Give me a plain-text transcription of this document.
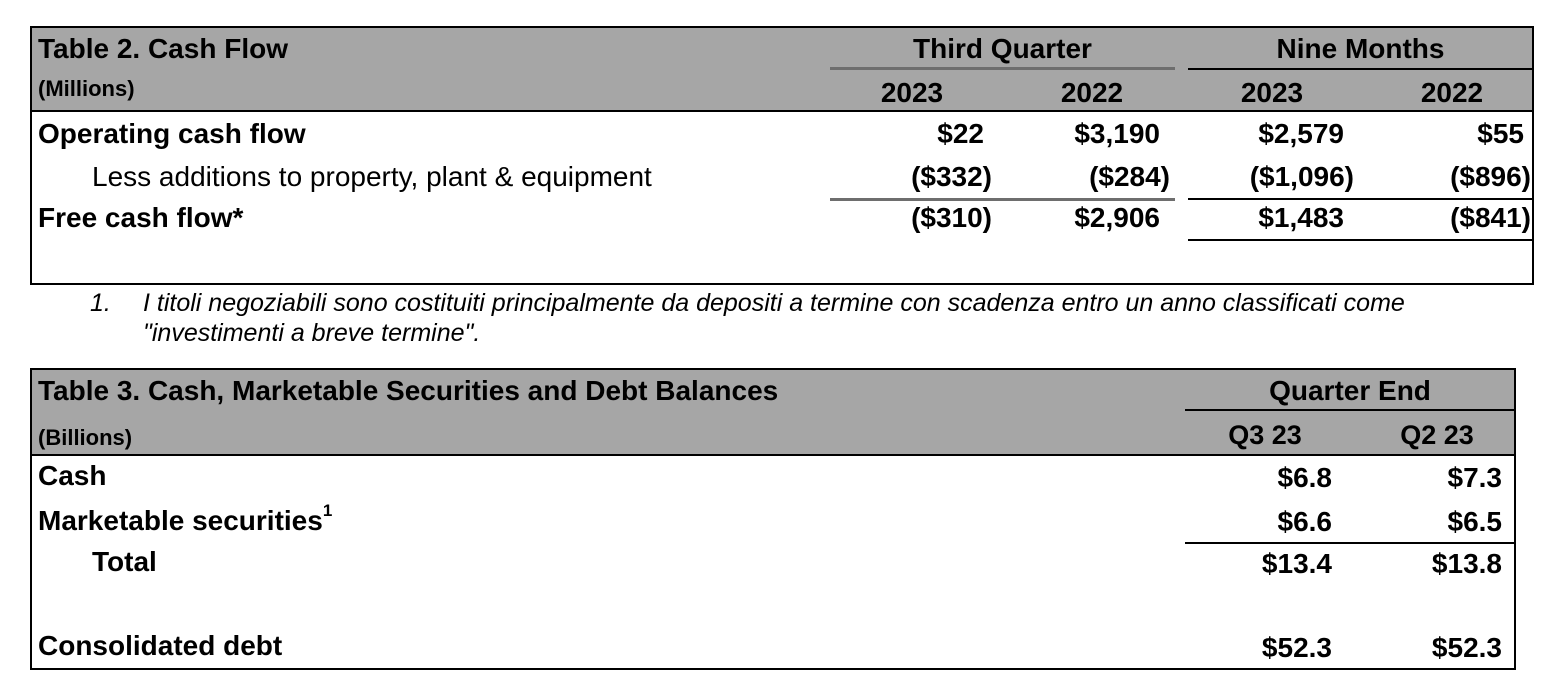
Table 2. Cash Flow
(Millions)
Third Quarter	Nine Months
2023	2022	2023	2022
Operating cash flow	$22	$3,190	$2,579	$55
Less additions to property, plant & equipment	($332)	($284)	($1,096)	($896)
Free cash flow*	($310)	$2,906	$1,483	($841)
1. I titoli negoziabili sono costituiti principalmente da depositi a termine con scadenza entro un anno classificati come
"investimenti a breve termine".
Table 3. Cash, Marketable Securities and Debt Balances
(Billions)
Quarter End
Q3 23	Q2 23
Cash	$6.8	$7.3
Marketable securities$^1$	$6.6	$6.5
Total	$13.4	$13.8
Consolidated debt	$52.3	$52.3
